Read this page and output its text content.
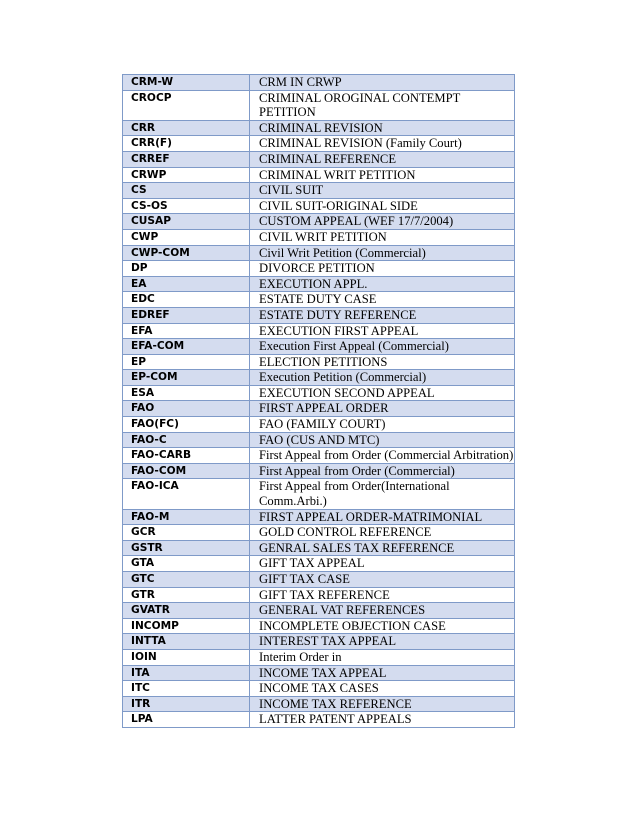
CRM-W	CRM IN CRWP
CROCP	CRIMINAL OROGINAL CONTEMPT PETITION
CRR	CRIMINAL REVISION
CRR(F)	CRIMINAL REVISION (Family Court)
CRREF	CRIMINAL REFERENCE
CRWP	CRIMINAL WRIT PETITION
CS	CIVIL SUIT
CS-OS	CIVIL SUIT-ORIGINAL SIDE
CUSAP	CUSTOM APPEAL (WEF 17/7/2004)
CWP	CIVIL WRIT PETITION
CWP-COM	Civil Writ Petition (Commercial)
DP	DIVORCE PETITION
EA	EXECUTION APPL.
EDC	ESTATE DUTY CASE
EDREF	ESTATE DUTY REFERENCE
EFA	EXECUTION FIRST APPEAL
EFA-COM	Execution First Appeal (Commercial)
EP	ELECTION PETITIONS
EP-COM	Execution Petition (Commercial)
ESA	EXECUTION SECOND APPEAL
FAO	FIRST APPEAL ORDER
FAO(FC)	FAO (FAMILY COURT)
FAO-C	FAO (CUS AND MTC)
FAO-CARB	First Appeal from Order (Commercial Arbitration)
FAO-COM	First Appeal from Order (Commercial)
FAO-ICA	First Appeal from Order(International Comm.Arbi.)
FAO-M	FIRST APPEAL ORDER-MATRIMONIAL
GCR	GOLD CONTROL REFERENCE
GSTR	GENRAL SALES TAX REFERENCE
GTA	GIFT TAX APPEAL
GTC	GIFT TAX CASE
GTR	GIFT TAX REFERENCE
GVATR	GENERAL VAT REFERENCES
INCOMP	INCOMPLETE OBJECTION CASE
INTTA	INTEREST TAX APPEAL
IOIN	Interim Order in
ITA	INCOME TAX APPEAL
ITC	INCOME TAX CASES
ITR	INCOME TAX REFERENCE
LPA	LATTER PATENT APPEALS
